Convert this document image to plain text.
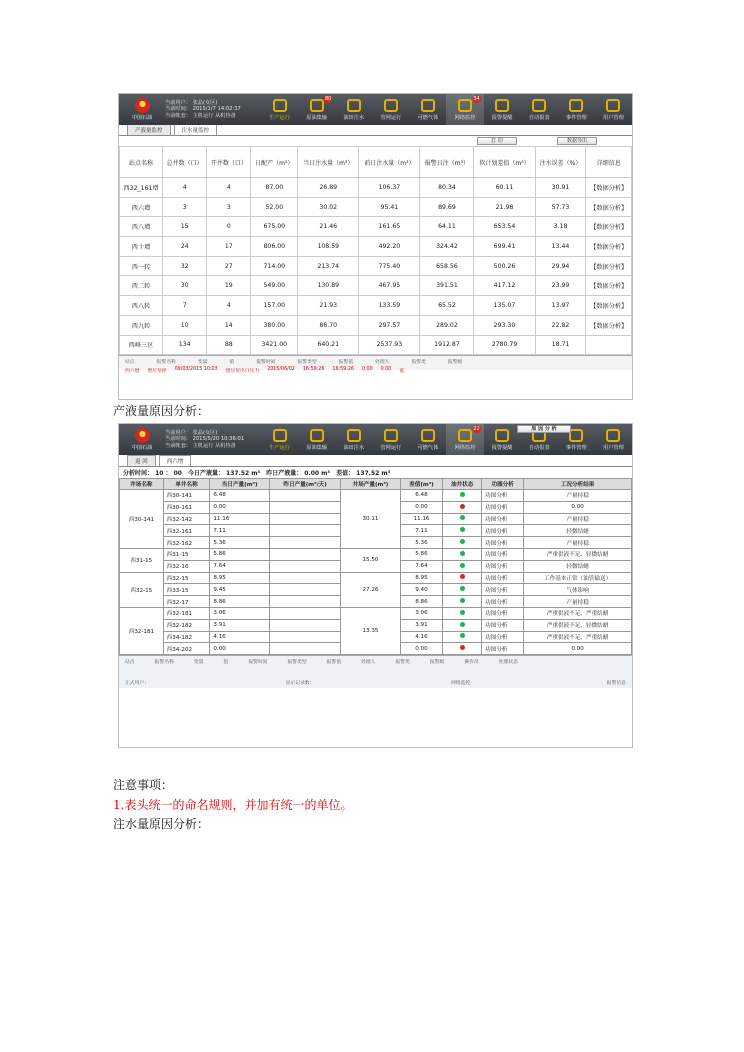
中国石油
当前用户： 张晶(女区)
当前时间： 2015/1/7 14:02:37
当前帐套： 主机运行 从机待备	生产运行	原油集输
80
油田注水	管网运行	可燃气体	网络监控
34
报警提醒	自动报表	事件管理	用户管理
产液量监控	注水量监控
打 印	数据导出
站点名称	总井数（口）	开井数（口）	日配产（m³）	当日注水量（m³）	前日注水量（m³）	报警日注（m³）	软计划差值（m³）	注水误差（%）	详细信息
西32_161增	4	4	87.00	26.89	106.37	80.34	60.11	30.91	【数据分析】
西六增	3	3	52.00	30.02	95.41	89.69	21.98	57.73	【数据分析】
西八增	15	0	675.00	21.46	161.65	64.11	653.54	3.18	【数据分析】
西十增	24	17	806.00	108.59	492.20	324.42	699.41	13.44	【数据分析】
西一转	32	27	714.00	213.74	775.40	658.56	500.26	29.94	【数据分析】
西二转	30	19	549.00	130.89	467.95	391.51	417.12	23.99	【数据分析】
西八转	7	4	157.00	21.93	133.59	65.52	135.07	13.97	【数据分析】
西九转	10	14	380.00	86.70	297.57	289.02	293.30	22.82	【数据分析】
西峰三区	134	88	3421.00	640.21	2537.93	1912.87	2780.79	18.71	
站点	报警名称	变量	值	报警时间	报警类型	报警值	处理人	报警类	报警级
西六增 增压泵停 09/03/2015 10:03 增压泵出口压力 2015/06/02 16:59:26 16:59:26 0.00 0.00 低
产液量原因分析：
中国石油
当前用户： 张晶(女区)
当前时间： 2015/5/20 10:36:01
当前帐套： 主机运行 从机待备	生产运行	原油集输	油田注水	管网运行	可燃气体	网络监控
22
报警提醒	自动报表	事件管理	用户管理
返 回	西六增
分析时间： 10 ： 00 今日产液量： 137.52 m³ 昨日产液量： 0.00 m³ 差值： 137.52 m³
原 因 分 析
井场名称	单井名称	当日产量(m³)	昨日产量(m³/天)	井场产量(m³)	差值(m³)	油井状态	功图分析	工况分析结果
西30-141	西30-141	6.48		30.11	6.48		功图分析	产量持稳
	西30-161	0.00			0.00		功图分析	0.00
	西32-142	11.16			11.16		功图分析	产量持稳
	西32-161	7.11			7.11		功图分析	轻微结蜡
	西32-162	5.36			5.36		功图分析	产量持稳
西31-15	西31-15	5.86		15.50	5.86		功图分析	严重供液不足、轻微结蜡
	西32-16	7.64			7.64		功图分析	轻微结蜡
西32-15	西32-15	8.95		27.26	8.95		功图分析	工作基本正常（油管输送）
	西33-15	9.45			9.40		功图分析	气体影响
	西32-17	8.86			8.86		功图分析	产量持稳
西32-181	西32-181	3.06		13.35	3.06		功图分析	严重供液不足、严重结蜡
	西32-182	3.91			3.91		功图分析	严重供液不足、轻微结蜡
	西34-182	4.16			4.16		功图分析	严重供液不足、严重结蜡
	西34-202	0.00			0.00		功图分析	0.00
站点	报警名称	变量	值	报警时间	报警类型	报警值	处理人	报警类	报警级	操作员	处理状态
正式用户：	显示记录数：	网络监控	报警信息
注意事项：
1.表头统一的命名规则，并加有统一的单位。
注水量原因分析：
